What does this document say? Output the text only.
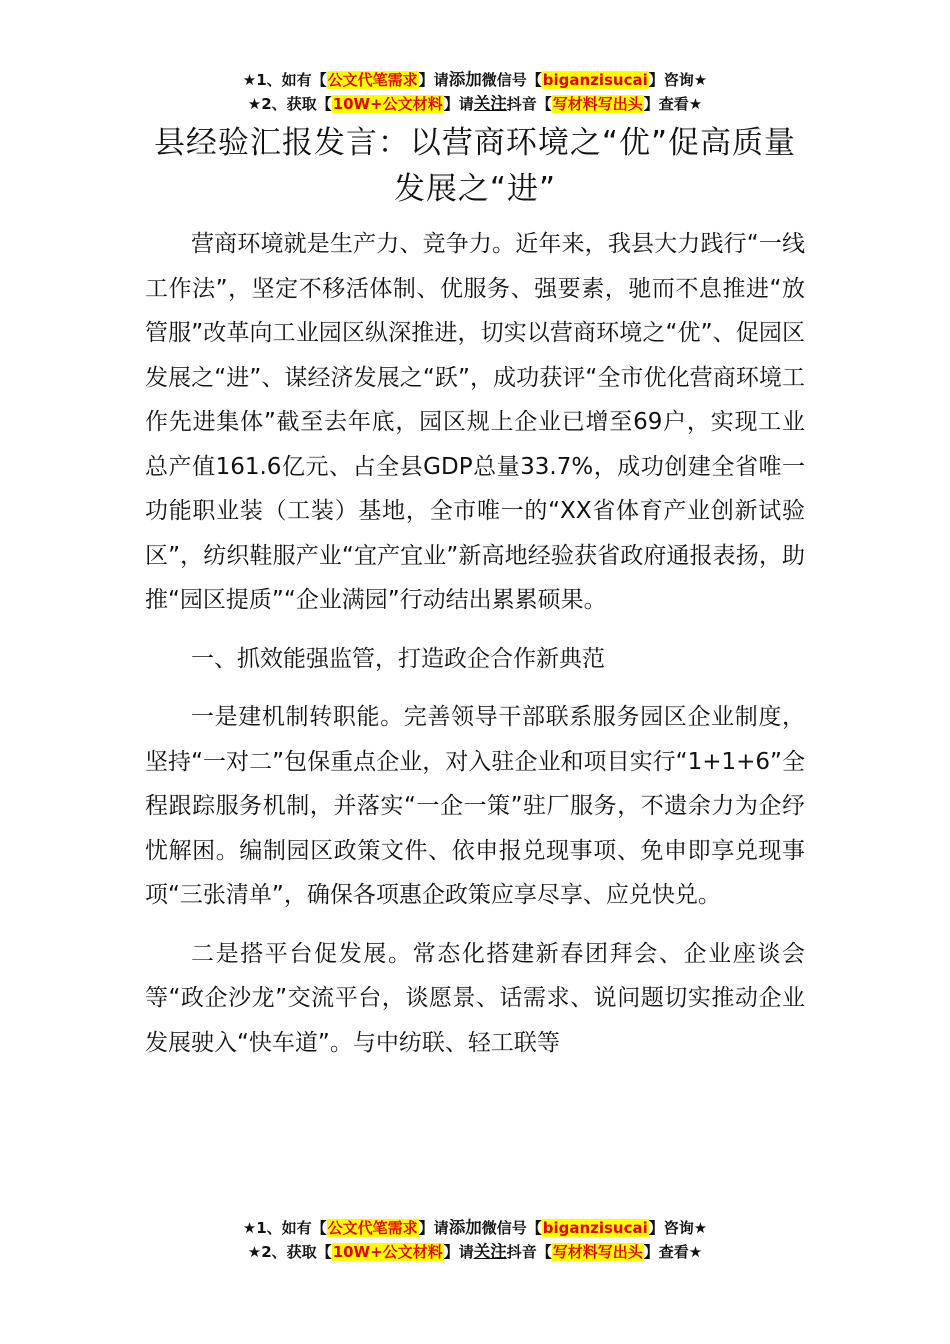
★1、如有【公文代笔需求】请添加微信号【biganzisucai】咨询★
★2、获取【10W+公文材料】请关注抖音【写材料写出头】查看★
县经验汇报发言：以营商环境之“优”促高质量发展之“进”

营商环境就是生产力、竞争力。近年来，我县大力践行“一线工作法”，坚定不移活体制、优服务、强要素，驰而不息推进“放管服”改革向工业园区纵深推进，切实以营商环境之“优”、促园区发展之“进”、谋经济发展之“跃”，成功获评“全市优化营商环境工作先进集体”截至去年底，园区规上企业已增至69户，实现工业总产值161.6亿元、占全县GDP总量33.7%，成功创建全省唯一功能职业装（工装）基地，全市唯一的“XX省体育产业创新试验区”，纺织鞋服产业“宜产宜业”新高地经验获省政府通报表扬，助推“园区提质”“企业满园”行动结出累累硕果。

一、抓效能强监管，打造政企合作新典范

一是建机制转职能。完善领导干部联系服务园区企业制度，坚持“一对二”包保重点企业，对入驻企业和项目实行“1+1+6”全程跟踪服务机制，并落实“一企一策”驻厂服务，不遗余力为企纾忧解困。编制园区政策文件、依申报兑现事项、免申即享兑现事项“三张清单”，确保各项惠企政策应享尽享、应兑快兑。

二是搭平台促发展。常态化搭建新春团拜会、企业座谈会等“政企沙龙”交流平台，谈愿景、话需求、说问题切实推动企业发展驶入“快车道”。与中纺联、轻工联等

★1、如有【公文代笔需求】请添加微信号【biganzisucai】咨询★
★2、获取【10W+公文材料】请关注抖音【写材料写出头】查看★
